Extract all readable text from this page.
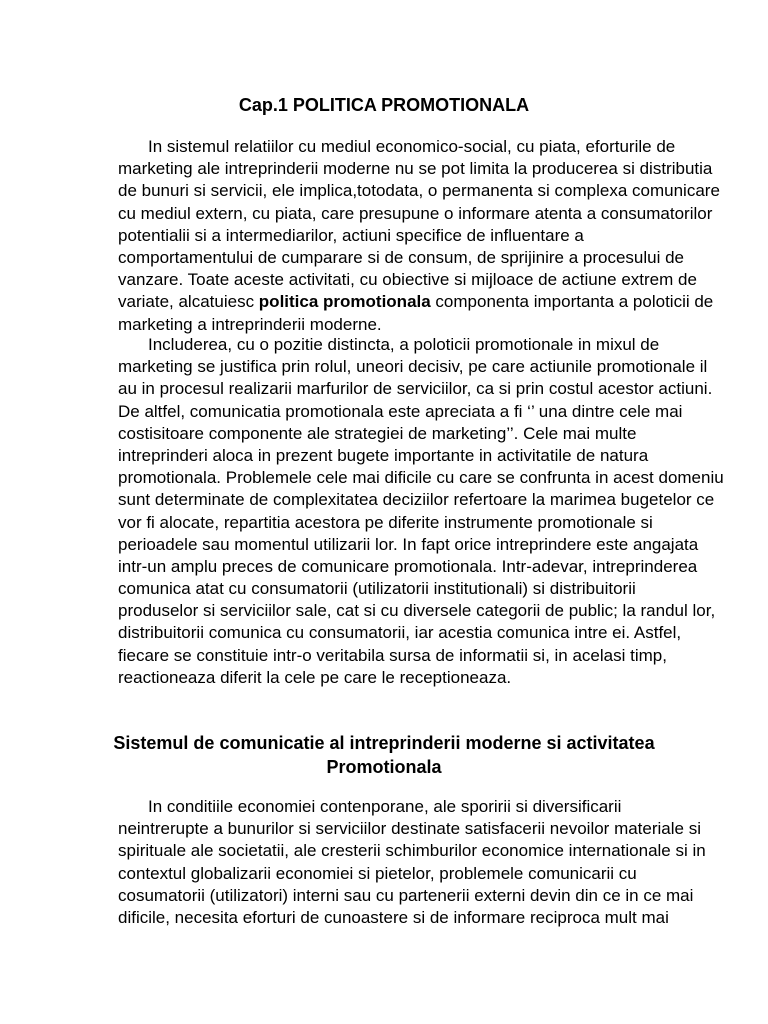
Cap.1 POLITICA PROMOTIONALA
In sistemul relatiilor cu mediul economico-social, cu piata, eforturile de
marketing ale intreprinderii moderne nu se pot limita la producerea si distributia
de bunuri si servicii, ele implica,totodata, o permanenta si complexa comunicare
cu mediul extern, cu piata, care presupune o informare atenta a consumatorilor
potentialii si a intermediarilor, actiuni specifice de influentare a
comportamentului de cumparare si de consum, de sprijinire a procesului de
vanzare. Toate aceste activitati, cu obiective si mijloace de actiune extrem de
variate, alcatuiesc politica promotionala componenta importanta a poloticii de
marketing a intreprinderii moderne.
Includerea, cu o pozitie distincta, a poloticii promotionale in mixul de
marketing se justifica prin rolul, uneori decisiv, pe care actiunile promotionale il
au in procesul realizarii marfurilor de serviciilor, ca si prin costul acestor actiuni.
De altfel, comunicatia promotionala este apreciata a fi ‘’ una dintre cele mai
costisitoare componente ale strategiei de marketing’’. Cele mai multe
intreprinderi aloca in prezent bugete importante in activitatile de natura
promotionala. Problemele cele mai dificile cu care se confrunta in acest domeniu
sunt determinate de complexitatea deciziilor refertoare la marimea bugetelor ce
vor fi alocate, repartitia acestora pe diferite instrumente promotionale si
perioadele sau momentul utilizarii lor. In fapt orice intreprindere este angajata
intr-un amplu preces de comunicare promotionala. Intr-adevar, intreprinderea
comunica atat cu consumatorii (utilizatorii institutionali) si distribuitorii
produselor si serviciilor sale, cat si cu diversele categorii de public; la randul lor,
distribuitorii comunica cu consumatorii, iar acestia comunica intre ei. Astfel,
fiecare se constituie intr-o veritabila sursa de informatii si, in acelasi timp,
reactioneaza diferit la cele pe care le receptioneaza.
Sistemul de comunicatie al intreprinderii moderne si activitatea
Promotionala
In conditiile economiei contenporane, ale sporirii si diversificarii
neintrerupte a bunurilor si serviciilor destinate satisfacerii nevoilor materiale si
spirituale ale societatii, ale cresterii schimburilor economice internationale si in
contextul globalizarii economiei si pietelor, problemele comunicarii cu
cosumatorii (utilizatori) interni sau cu partenerii externi devin din ce in ce mai
dificile, necesita eforturi de cunoastere si de informare reciproca mult mai
